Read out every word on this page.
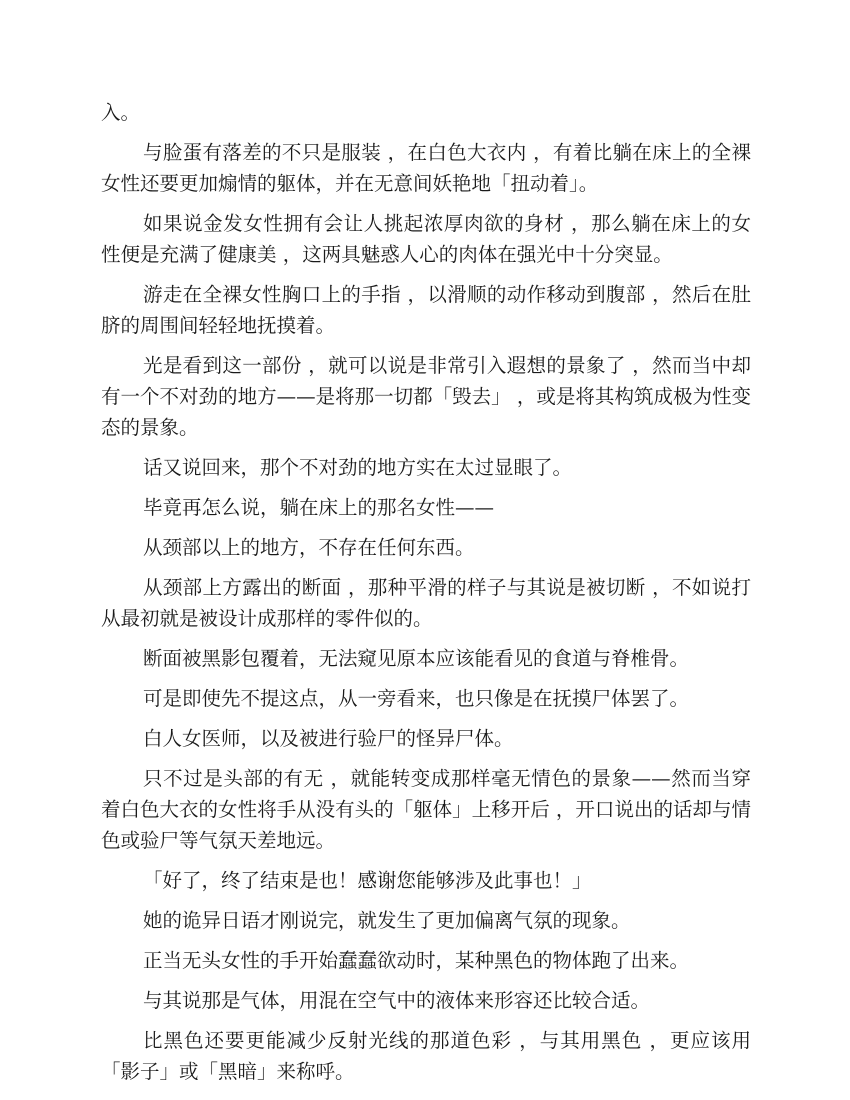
入。

与脸蛋有落差的不只是服装 ，在白色大衣内 ，有着比躺在床上的全裸女性还要更加煽情的躯体，并在无意间妖艳地「扭动着」。

如果说金发女性拥有会让人挑起浓厚肉欲的身材 ，那么躺在床上的女性便是充满了健康美 ，这两具魅惑人心的肉体在强光中十分突显。

游走在全裸女性胸口上的手指 ，以滑顺的动作移动到腹部 ，然后在肚脐的周围间轻轻地抚摸着。

光是看到这一部份 ，就可以说是非常引入遐想的景象了 ，然而当中却有一个不对劲的地方——是将那一切都「毁去」 ，或是将其构筑成极为性变态的景象。

话又说回来，那个不对劲的地方实在太过显眼了。

毕竟再怎么说，躺在床上的那名女性——

从颈部以上的地方，不存在任何东西。

从颈部上方露出的断面 ，那种平滑的样子与其说是被切断 ，不如说打从最初就是被设计成那样的零件似的。

断面被黑影包覆着，无法窥见原本应该能看见的食道与脊椎骨。

可是即使先不提这点，从一旁看来，也只像是在抚摸尸体罢了。

白人女医师，以及被进行验尸的怪异尸体。

只不过是头部的有无 ，就能转变成那样毫无情色的景象——然而当穿着白色大衣的女性将手从没有头的「躯体」上移开后 ，开口说出的话却与情色或验尸等气氛天差地远。

「好了，终了结束是也！感谢您能够涉及此事也！」

她的诡异日语才刚说完，就发生了更加偏离气氛的现象。

正当无头女性的手开始蠢蠢欲动时，某种黑色的物体跑了出来。

与其说那是气体，用混在空气中的液体来形容还比较合适。

比黑色还要更能减少反射光线的那道色彩 ，与其用黑色 ，更应该用「影子」或「黑暗」来称呼。
